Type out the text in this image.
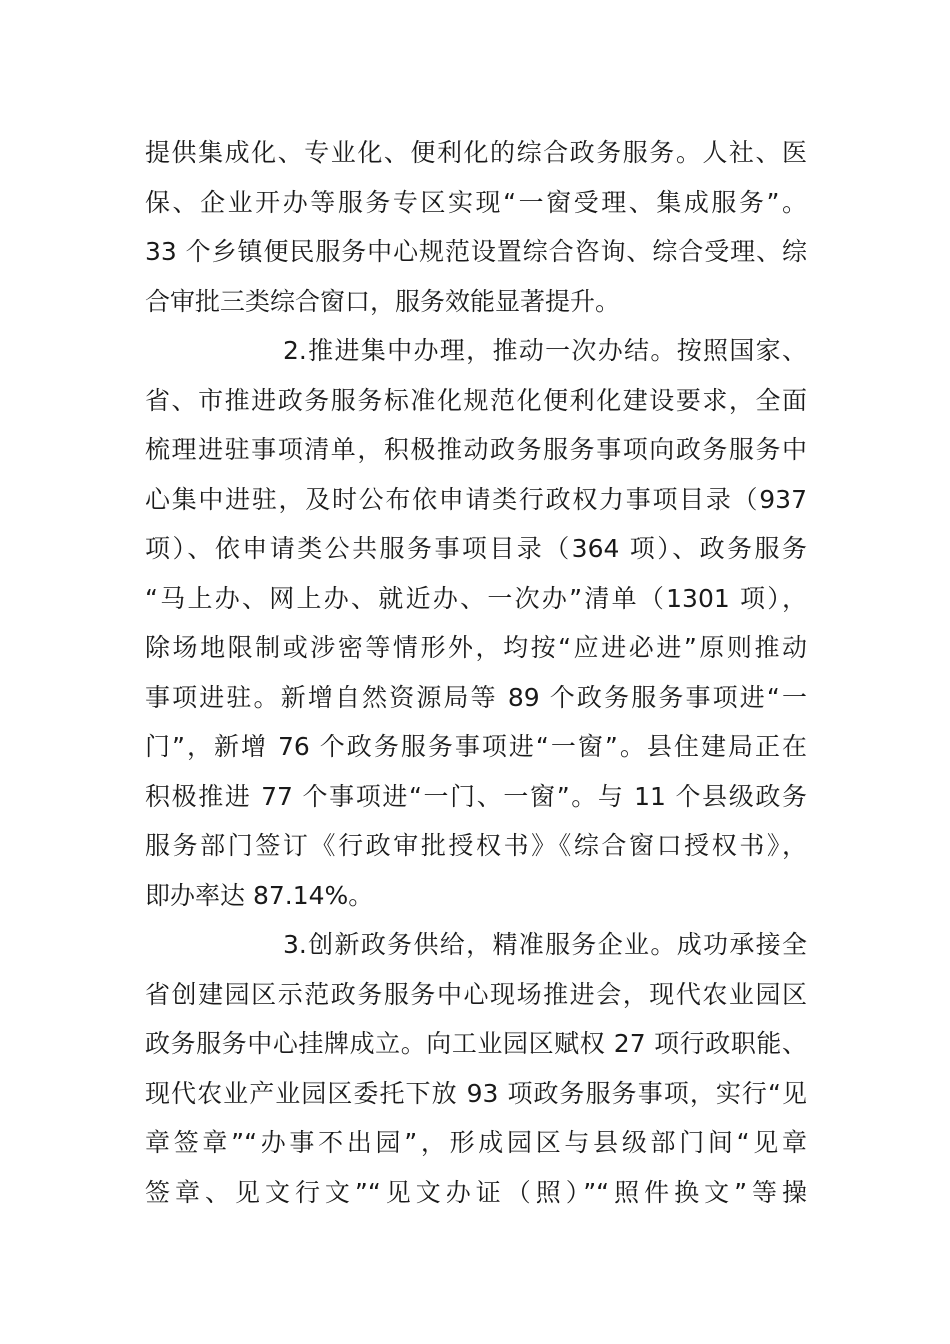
提供集成化、专业化、便利化的综合政务服务。人社、医
保、企业开办等服务专区实现“一窗受理、集成服务”。
33 个乡镇便民服务中心规范设置综合咨询、综合受理、综
合审批三类综合窗口，服务效能显著提升。
2.推进集中办理，推动一次办结。按照国家、
省、市推进政务服务标准化规范化便利化建设要求，全面
梳理进驻事项清单，积极推动政务服务事项向政务服务中
心集中进驻，及时公布依申请类行政权力事项目录（937
项）、依申请类公共服务事项目录（364 项）、政务服务
“马上办、网上办、就近办、一次办”清单（1301 项），
除场地限制或涉密等情形外，均按“应进必进”原则推动
事项进驻。新增自然资源局等 89 个政务服务事项进“一
门”，新增 76 个政务服务事项进“一窗”。县住建局正在
积极推进 77 个事项进“一门、一窗”。与 11 个县级政务
服务部门签订《行政审批授权书》《综合窗口授权书》，
即办率达 87.14%。
3.创新政务供给，精准服务企业。成功承接全
省创建园区示范政务服务中心现场推进会，现代农业园区
政务服务中心挂牌成立。向工业园区赋权 27 项行政职能、
现代农业产业园区委托下放 93 项政务服务事项，实行“见
章签章”“办事不出园”，形成园区与县级部门间“见章
签章、见文行文”“见文办证（照）”“照件换文”等操
